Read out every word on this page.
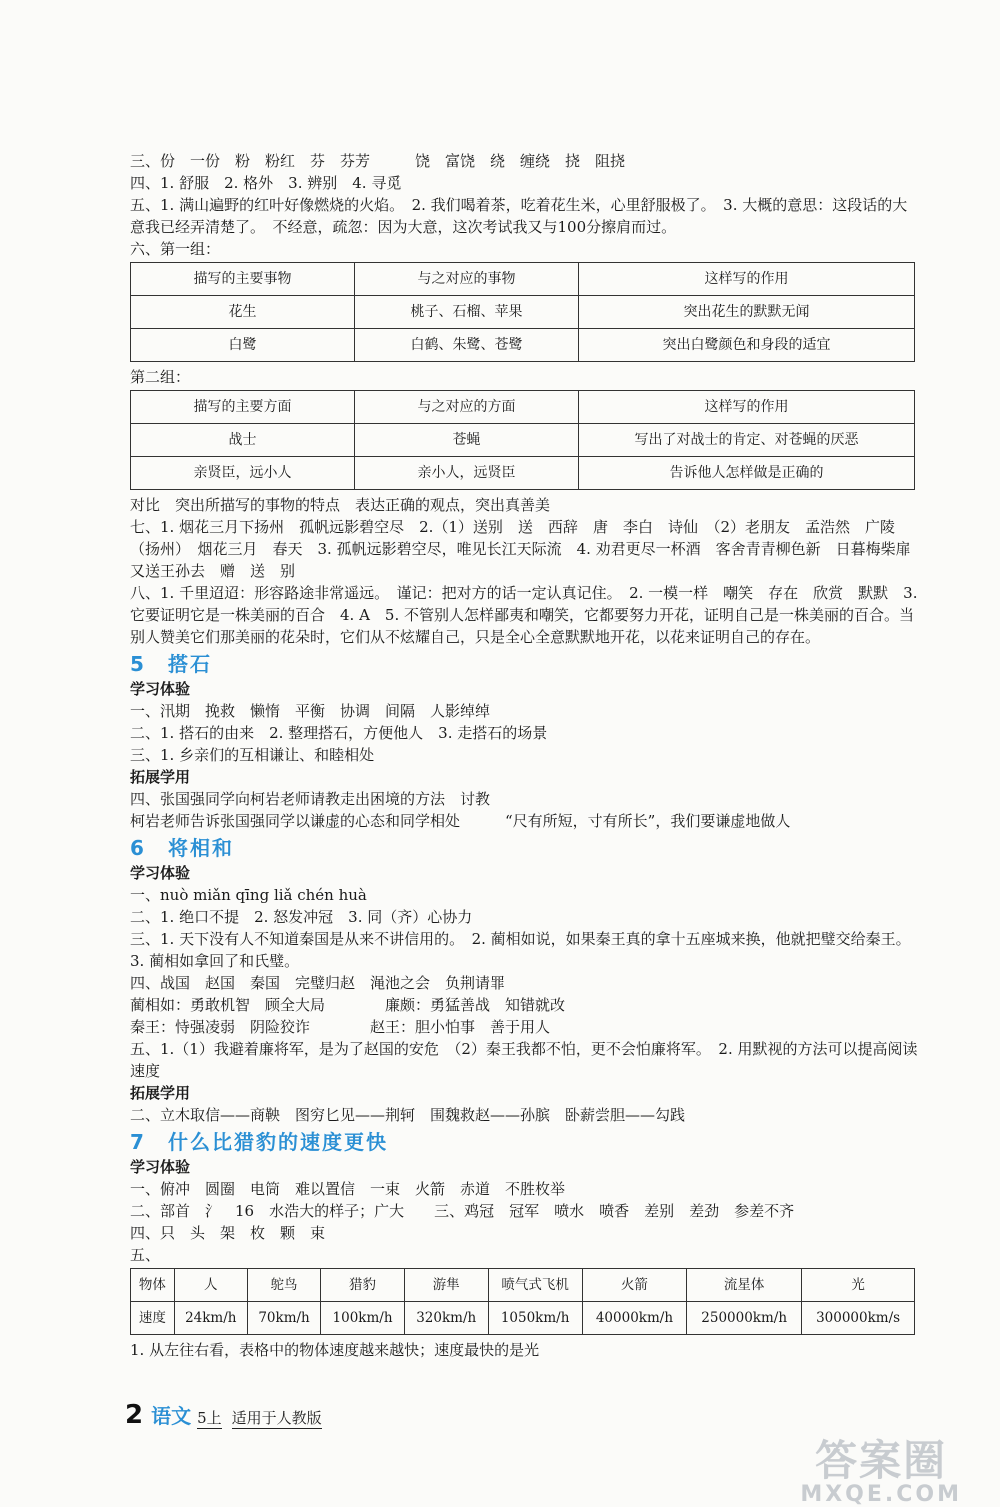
三、份　一份　粉　粉红　芬　芬芳　　　饶　富饶　绕　缠绕　挠　阻挠
四、1. 舒服　2. 格外　3. 辨别　4. 寻觅
五、1. 满山遍野的红叶好像燃烧的火焰。　2. 我们喝着茶，吃着花生米，心里舒服极了。　3. 大概的意思：这段话的大意我已经弄清楚了。　不经意，疏忽：因为大意，这次考试我又与100分擦肩而过。
六、第一组：
描写的主要事物	与之对应的事物	这样写的作用
花生	桃子、石榴、苹果	突出花生的默默无闻
白鹭	白鹤、朱鹭、苍鹭	突出白鹭颜色和身段的适宜
第二组：
描写的主要方面	与之对应的方面	这样写的作用
战士	苍蝇	写出了对战士的肯定、对苍蝇的厌恶
亲贤臣，远小人	亲小人，远贤臣	告诉他人怎样做是正确的
对比　突出所描写的事物的特点　表达正确的观点，突出真善美
七、1. 烟花三月下扬州　孤帆远影碧空尽　2.（1）送别　送　西辞　唐　李白　诗仙　（2）老朋友　孟浩然　广陵（扬州）　烟花三月　春天　3. 孤帆远影碧空尽，唯见长江天际流　4. 劝君更尽一杯酒　客舍青青柳色新　日暮梅柴扉　又送王孙去　赠　送　别
八、1. 千里迢迢：形容路途非常遥远。　谨记：把对方的话一定认真记住。　2. 一模一样　嘲笑　存在　欣赏　默默　3. 它要证明它是一株美丽的百合　4. A　5. 不管别人怎样鄙夷和嘲笑，它都要努力开花，证明自己是一株美丽的百合。当别人赞美它们那美丽的花朵时，它们从不炫耀自己，只是全心全意默默地开花，以花来证明自己的存在。
5	搭石
学习体验
一、汛期　挽救　懒惰　平衡　协调　间隔　人影绰绰
二、1. 搭石的由来　2. 整理搭石，方便他人　3. 走搭石的场景
三、1. 乡亲们的互相谦让、和睦相处
拓展学用
四、张国强同学向柯岩老师请教走出困境的方法　讨教
柯岩老师告诉张国强同学以谦虚的心态和同学相处　　　“尺有所短，寸有所长”，我们要谦虚地做人
6	将相和
学习体验
一、nuò miǎn qīng liǎ chén huà
二、1. 绝口不提　2. 怒发冲冠　3. 同（齐）心协力
三、1. 天下没有人不知道秦国是从来不讲信用的。　2. 蔺相如说，如果秦王真的拿十五座城来换，他就把璧交给秦王。　3. 蔺相如拿回了和氏璧。
四、战国　赵国　秦国　完璧归赵　渑池之会　负荆请罪
蔺相如：勇敢机智　顾全大局　　　　廉颇：勇猛善战　知错就改
秦王：恃强凌弱　阴险狡诈　　　　赵王：胆小怕事　善于用人
五、1.（1）我避着廉将军，是为了赵国的安危　（2）秦王我都不怕，更不会怕廉将军。　2. 用默视的方法可以提高阅读速度
拓展学用
二、立木取信——商鞅　图穷匕见——荆轲　围魏救赵——孙膑　卧薪尝胆——勾践
7	什么比猎豹的速度更快
学习体验
一、俯冲　圆圈　电筒　难以置信　一束　火箭　赤道　不胜枚举
二、部首　氵　16　水浩大的样子；广大　　三、鸡冠　冠军　喷水　喷香　差别　差劲　参差不齐
四、只　头　架　枚　颗　束
五、
物体	人	鸵鸟	猎豹	游隼	喷气式飞机	火箭	流星体	光
速度	24km/h	70km/h	100km/h	320km/h	1050km/h	40000km/h	250000km/h	300000km/s
1. 从左往右看，表格中的物体速度越来越快；速度最快的是光
2 语文 5上 适用于人教版
答案圈
MXQE.COM
